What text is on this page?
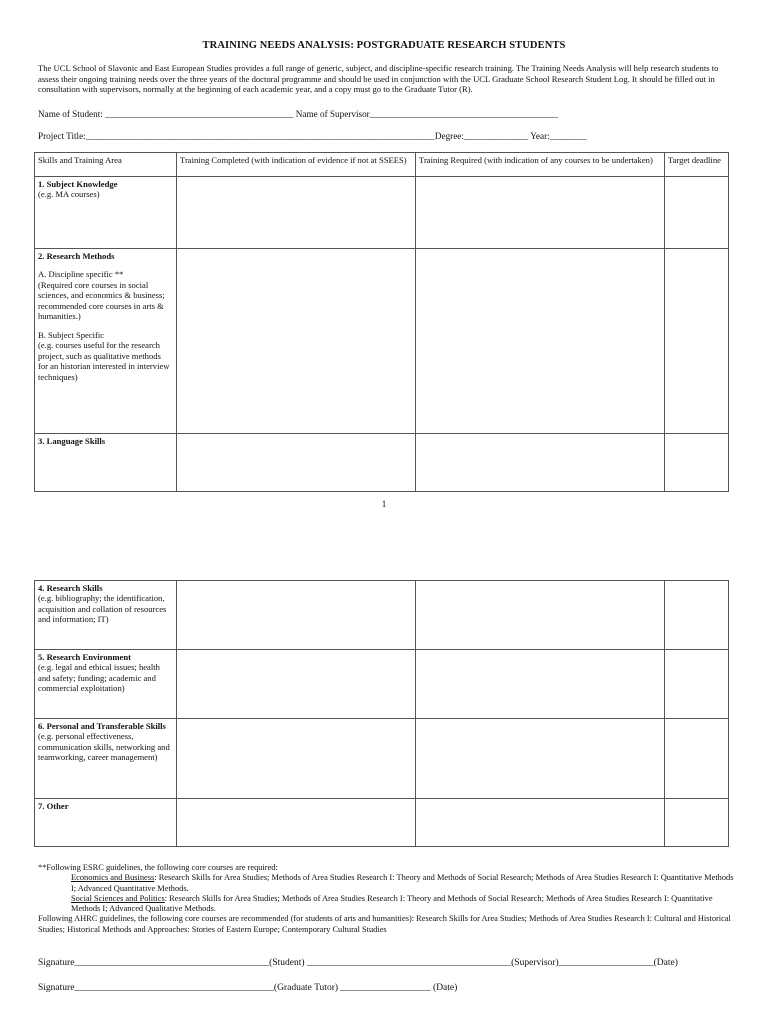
TRAINING NEEDS ANALYSIS: POSTGRADUATE RESEARCH STUDENTS
The UCL School of Slavonic and East European Studies provides a full range of generic, subject, and discipline-specific research training. The Training Needs Analysis will help research students to assess their ongoing training needs over the three years of the doctoral programme and should be used in conjunction with the UCL Graduate School Research Student Log. It should be filled out in consultation with supervisors, normally at the beginning of each academic year, and a copy must go to the Graduate Tutor (R).
Name of Student: _________________________________________ Name of Supervisor_________________________________________
Project Title:____________________________________________________________________________Degree:______________ Year:________
Skills and Training Area	Training Completed (with indication of evidence if not at SSEES)	Training Required (with indication of any courses to be undertaken)	Target deadline

1. Subject Knowledge
(e.g. MA courses)			

2. Research Methods
A. Discipline specific **
(Required core courses in social sciences, and economics & business; recommended core courses in arts & humanities.)
B. Subject Specific
(e.g. courses useful for the research project, such as qualitative methods for an historian interested in interview techniques)			

3. Language Skills			

1
4. Research Skills
(e.g. bibliography; the identification, acquisition and collation of resources and information; IT)			

5. Research Environment
(e.g. legal and ethical issues; health and safety; funding; academic and commercial exploitation)			

6. Personal and Transferable Skills
(e.g. personal effectiveness, communication skills, networking and teamworking, career management)			

7. Other			

**Following ESRC guidelines, the following core courses are required:
Economics and Business: Research Skills for Area Studies; Methods of Area Studies Research I: Theory and Methods of Social Research; Methods of Area Studies Research I: Quantitative Methods I; Advanced Quantitative Methods.
Social Sciences and Politics: Research Skills for Area Studies; Methods of Area Studies Research I: Theory and Methods of Social Research; Methods of Area Studies Research I: Quantitative Methods I; Advanced Qualitative Methods.
Following AHRC guidelines, the following core courses are recommended (for students of arts and humanities): Research Skills for Area Studies; Methods of Area Studies Research I: Cultural and Historical Studies; Historical Methods and Approaches: Stories of Eastern Europe; Contemporary Cultural Studies
Signature_________________________________________(Student) ___________________________________________(Supervisor)____________________(Date)
Signature__________________________________________(Graduate Tutor) ___________________ (Date)
